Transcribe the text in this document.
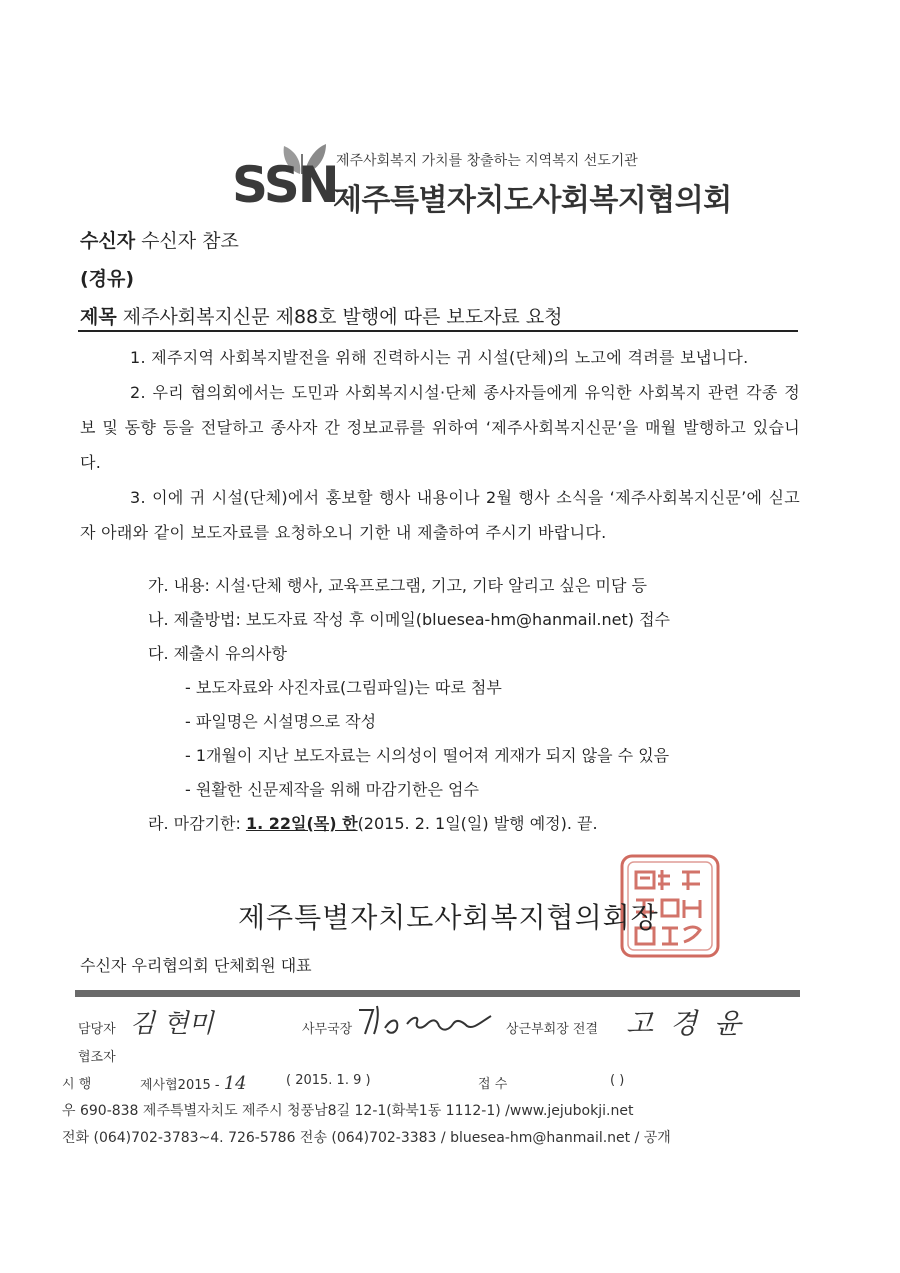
SSN
제주사회복지 가치를 창출하는 지역복지 선도기관
제주특별자치도사회복지협의회
수신자 수신자 참조
(경유)
제목 제주사회복지신문 제88호 발행에 따른 보도자료 요청
1. 제주지역 사회복지발전을 위해 진력하시는 귀 시설(단체)의 노고에 격려를 보냅니다.
2. 우리 협의회에서는 도민과 사회복지시설·단체 종사자들에게 유익한 사회복지 관련 각종 정보 및 동향 등을 전달하고 종사자 간 정보교류를 위하여 ‘제주사회복지신문’을 매월 발행하고 있습니다.
3. 이에 귀 시설(단체)에서 홍보할 행사 내용이나 2월 행사 소식을 ‘제주사회복지신문’에 싣고자 아래와 같이 보도자료를 요청하오니 기한 내 제출하여 주시기 바랍니다.
가. 내용: 시설·단체 행사, 교육프로그램, 기고, 기타 알리고 싶은 미담 등
나. 제출방법: 보도자료 작성 후 이메일(bluesea-hm@hanmail.net) 접수
다. 제출시 유의사항
- 보도자료와 사진자료(그림파일)는 따로 첨부
- 파일명은 시설명으로 작성
- 1개월이 지난 보도자료는 시의성이 떨어져 게재가 되지 않을 수 있음
- 원활한 신문제작을 위해 마감기한은 엄수
라. 마감기한: 1. 22일(목) 한(2015. 2. 1일(일) 발행 예정). 끝.
제주특별자치도사회복지협의회장
수신자 우리협의회 단체회원 대표
담당자 김 현미	사무국장	상근부회장 전결 고 경 윤
협조자
시 행	제사협2015 - 14	( 2015. 1. 9 )	접 수	( )
우 690-838 제주특별자치도 제주시 청풍남8길 12-1(화북1동 1112-1) /www.jejubokji.net
전화 (064)702-3783~4. 726-5786 전송 (064)702-3383 / bluesea-hm@hanmail.net / 공개
